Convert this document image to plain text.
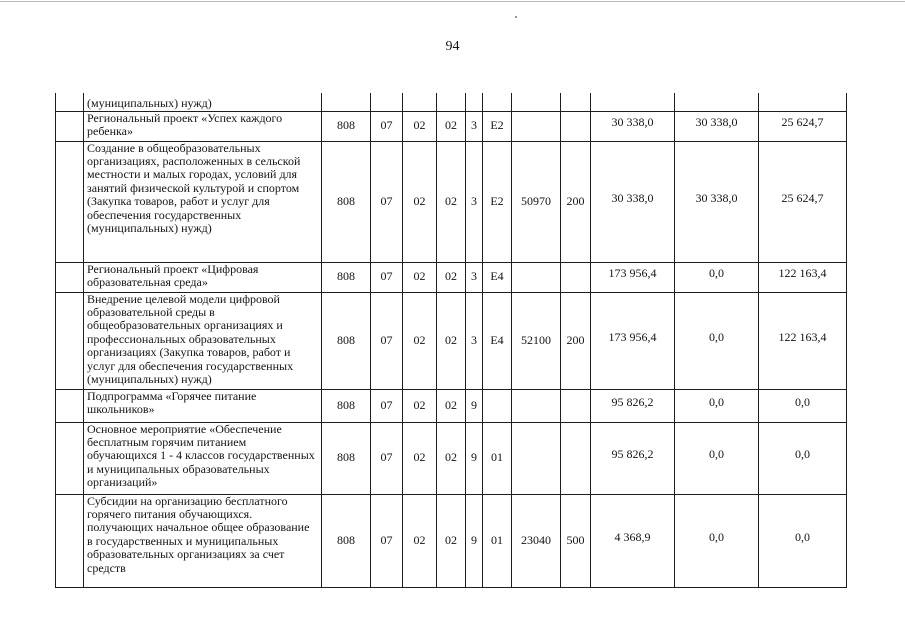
94
	(муниципальных) нужд)											
	Региональный проект «Успех каждого ребенка»	808	07	02	02	3	E2			30 338,0	30 338,0	25 624,7
	Создание в общеобразовательных организациях, расположенных в сельской местности и малых городах, условий для занятий физической культурой и спортом (Закупка товаров, работ и услуг для обеспечения государственных (муниципальных) нужд)	808	07	02	02	3	E2	50970	200	30 338,0	30 338,0	25 624,7
	Региональный проект «Цифровая образовательная среда»	808	07	02	02	3	E4			173 956,4	0,0	122 163,4
	Внедрение целевой модели цифровой образовательной среды в общеобразовательных организациях и профессиональных образовательных организациях (Закупка товаров, работ и услуг для обеспечения государственных (муниципальных) нужд)	808	07	02	02	3	E4	52100	200	173 956,4	0,0	122 163,4
	Подпрограмма «Горячее питание школьников»	808	07	02	02	9				95 826,2	0,0	0,0
	Основное мероприятие «Обеспечение бесплатным горячим питанием обучающихся 1 - 4 классов государственных и муниципальных образовательных организаций»	808	07	02	02	9	01			95 826,2	0,0	0,0
	Субсидии на организацию бесплатного горячего питания обучающихся. получающих начальное общее образование в государственных и муниципальных образовательных организациях за счет средств	808	07	02	02	9	01	23040	500	4 368,9	0,0	0,0
